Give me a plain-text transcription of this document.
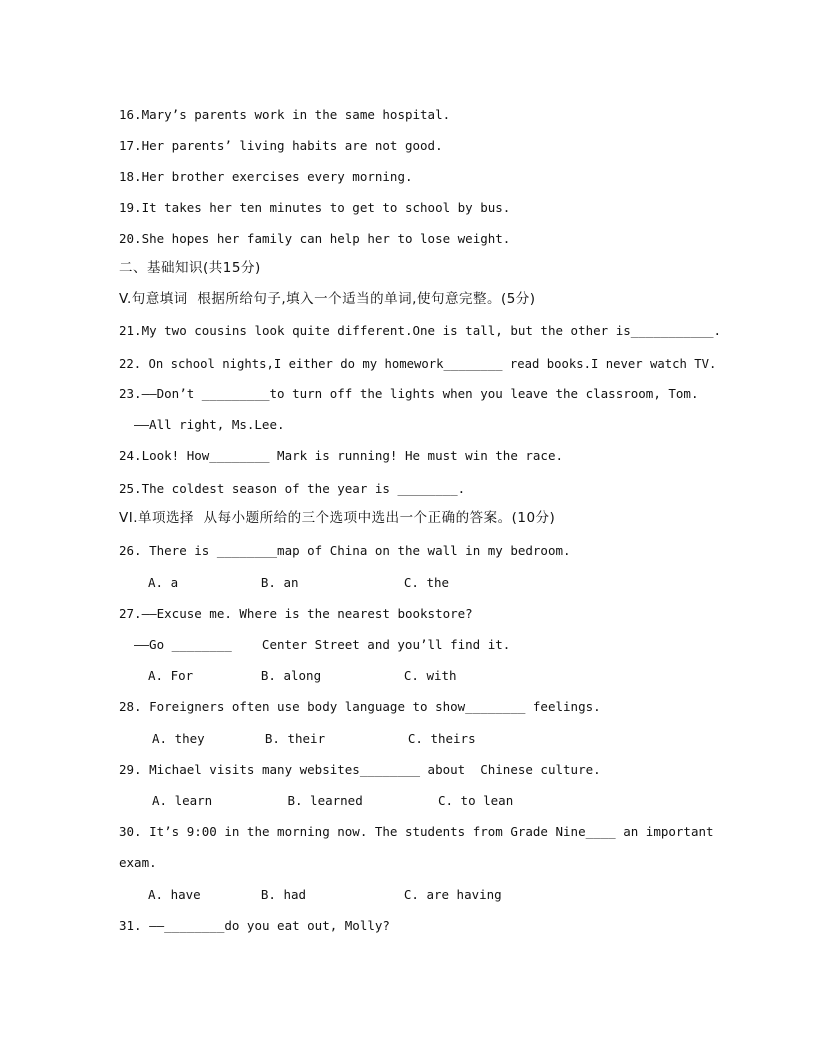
16.Mary’s parents work in the same hospital.
17.Her parents’ living habits are not good.
18.Her brother exercises every morning.
19.It takes her ten minutes to get to school by bus.
20.She hopes her family can help her to lose weight.
二、基础知识(共15分)
V.句意填词  根据所给句子,填入一个适当的单词,使句意完整。(5分)
21.My two cousins look quite different.One is tall, but the other is___________.
22. On school nights,I either do my homework________ read books.I never watch TV.
23.——Don’t _________to turn off the lights when you leave the classroom, Tom.
——All right, Ms.Lee.
24.Look! How________ Mark is running! He must win the race.
25.The coldest season of the year is ________.
VI.单项选择  从每小题所给的三个选项中选出一个正确的答案。(10分)
26. There is ________map of China on the wall in my bedroom.
A. a           B. an              C. the
27.——Excuse me. Where is the nearest bookstore?
——Go ________    Center Street and you’ll find it.
A. For         B. along           C. with
28. Foreigners often use body language to show________ feelings.
A. they        B. their           C. theirs
29. Michael visits many websites________ about  Chinese culture.
A. learn          B. learned          C. to lean
30. It’s 9:00 in the morning now. The students from Grade Nine____ an important
exam.
A. have        B. had             C. are having
31. ——________do you eat out, Molly?
